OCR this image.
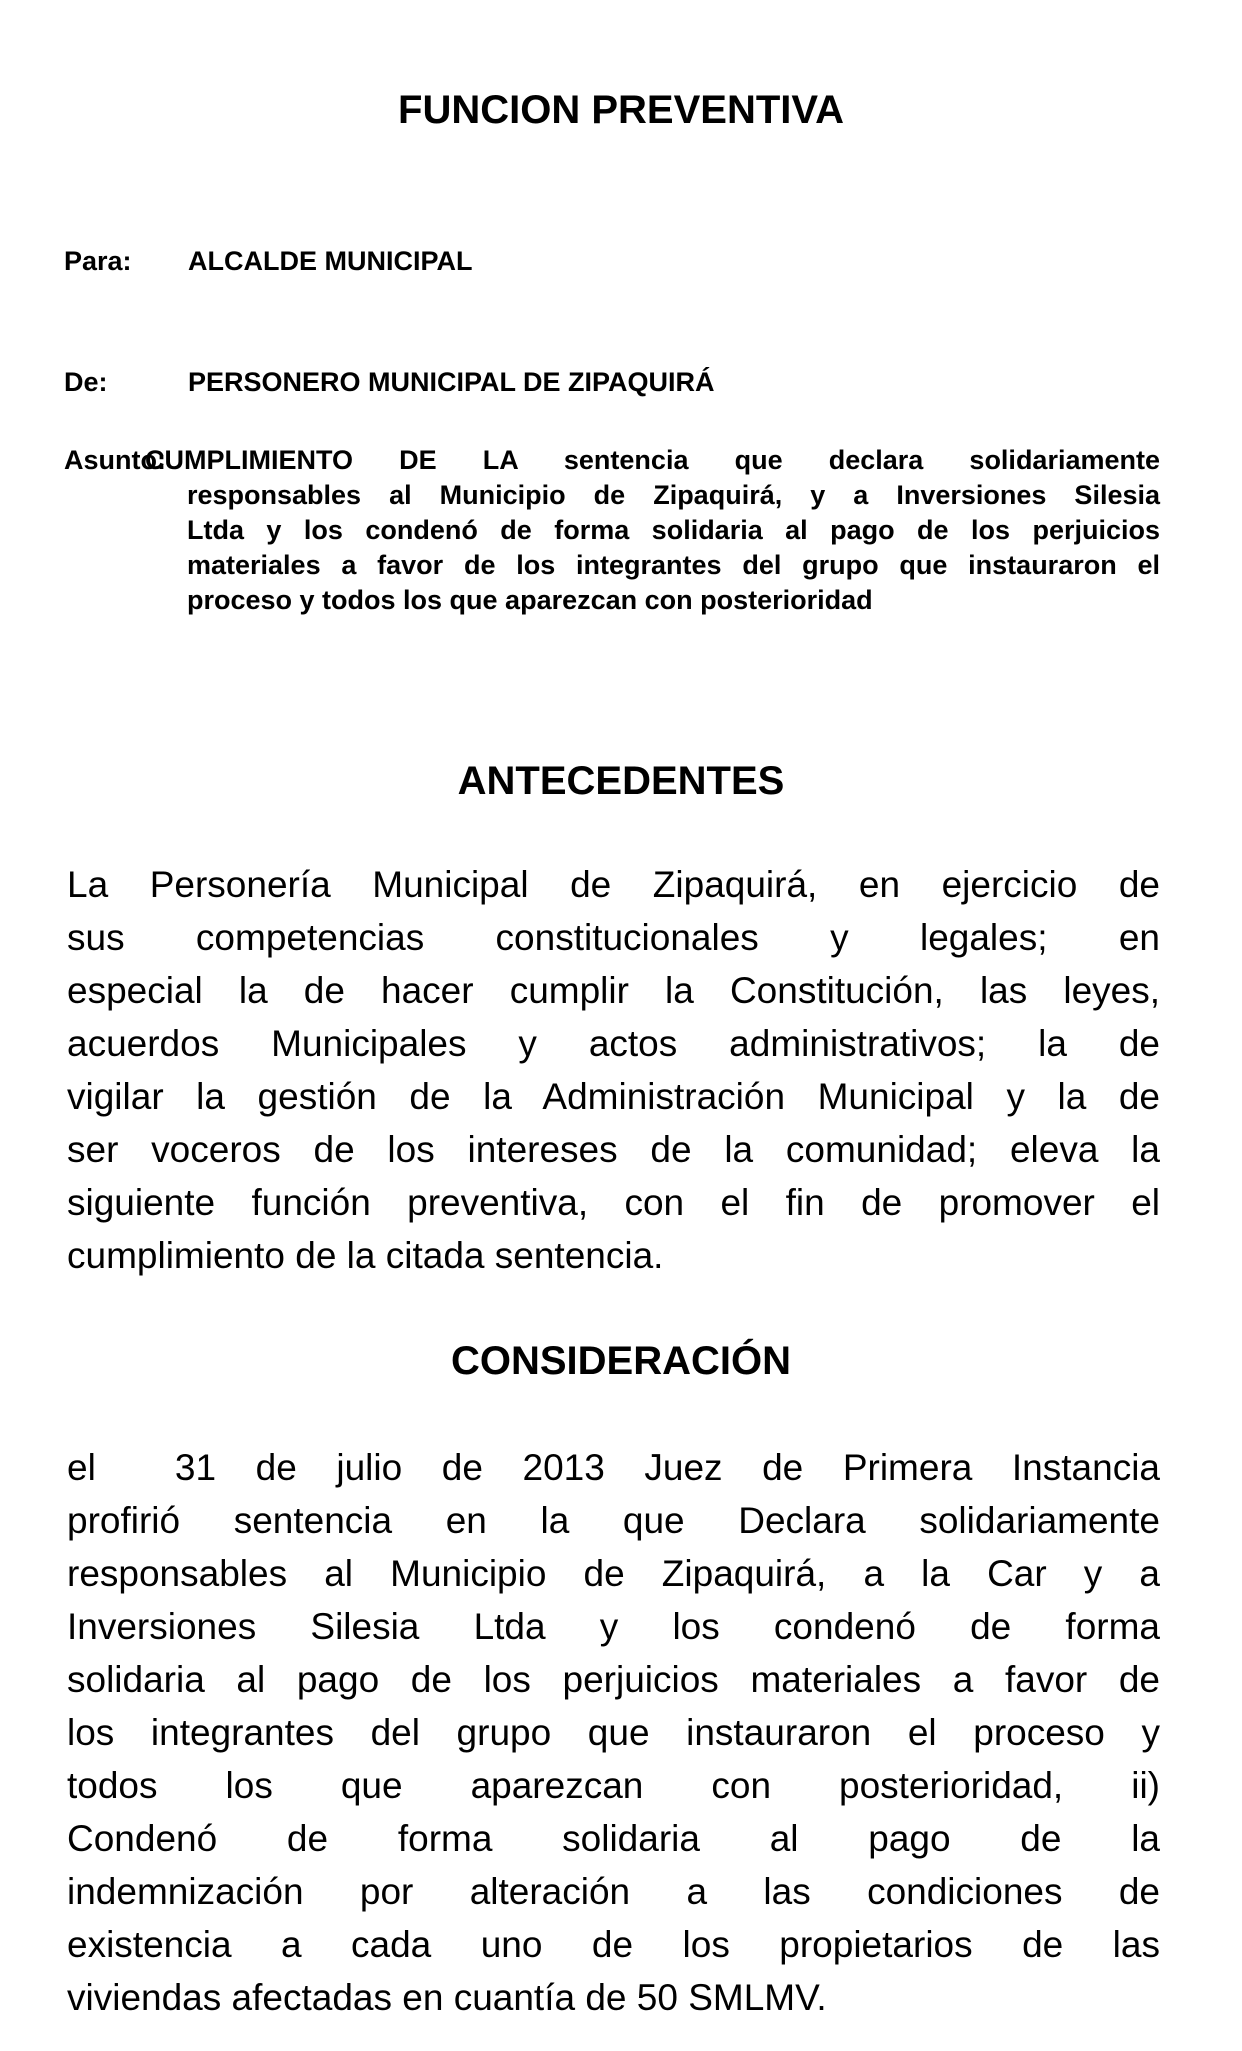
FUNCION PREVENTIVA
Para: ALCALDE MUNICIPAL
De:	PERSONERO MUNICIPAL DE ZIPAQUIRÁ
Asunto:
CUMPLIMIENTO DE LA sentencia que declara solidariamente
responsables al Municipio de Zipaquirá, y a Inversiones Silesia
Ltda y los condenó de forma solidaria al pago de los perjuicios
materiales a favor de los integrantes del grupo que instauraron el
proceso y todos los que aparezcan con posterioridad
ANTECEDENTES
La Personería Municipal de Zipaquirá, en ejercicio de
sus competencias constitucionales y legales; en
especial la de hacer cumplir la Constitución, las leyes,
acuerdos Municipales y actos administrativos; la de
vigilar la gestión de la Administración Municipal y la de
ser voceros de los intereses de la comunidad; eleva la
siguiente función preventiva, con el fin de promover el
cumplimiento de la citada sentencia.
CONSIDERACIÓN
el  31 de julio de 2013 Juez de Primera Instancia
profirió sentencia en la que Declara solidariamente
responsables al Municipio de Zipaquirá, a la Car y a
Inversiones Silesia Ltda y los condenó de forma
solidaria al pago de los perjuicios materiales a favor de
los integrantes del grupo que instauraron el proceso y
todos los que aparezcan con posterioridad, ii)
Condenó de forma solidaria al pago de la
indemnización por alteración a las condiciones de
existencia a cada uno de los propietarios de las
viviendas afectadas en cuantía de 50 SMLMV.
